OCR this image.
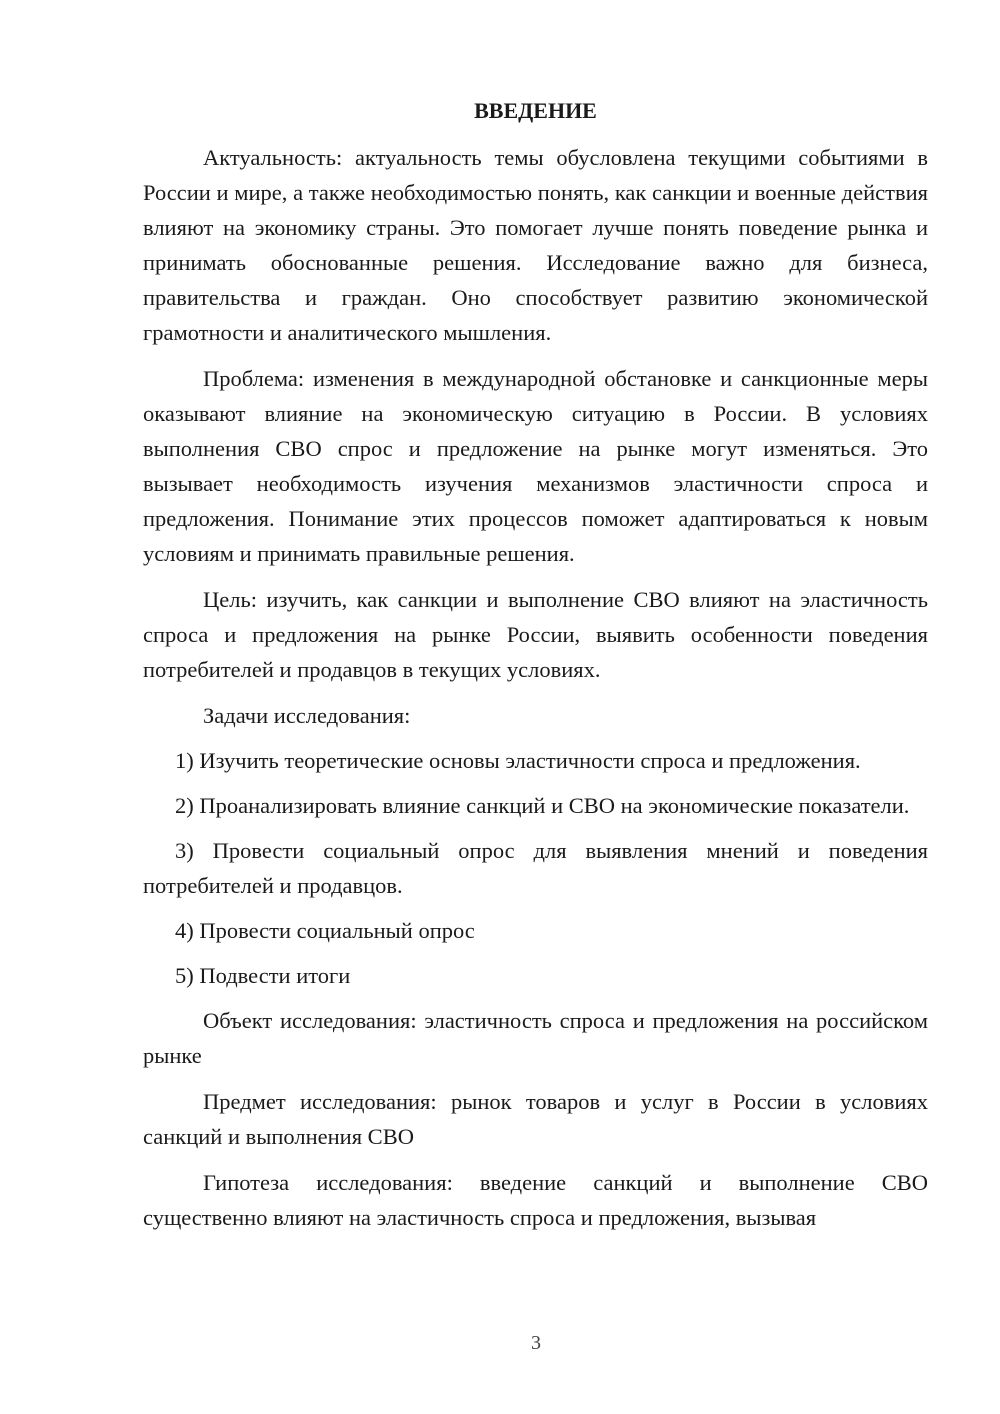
ВВЕДЕНИЕ

Актуальность: актуальность темы обусловлена текущими событиями в России и мире, а также необходимостью понять, как санкции и военные действия влияют на экономику страны. Это помогает лучше понять поведение рынка и принимать обоснованные решения. Исследование важно для бизнеса, правительства и граждан. Оно способствует развитию экономической грамотности и аналитического мышления.

Проблема: изменения в международной обстановке и санкционные меры оказывают влияние на экономическую ситуацию в России. В условиях выполнения СВО спрос и предложение на рынке могут изменяться. Это вызывает необходимость изучения механизмов эластичности спроса и предложения. Понимание этих процессов поможет адаптироваться к новым условиям и принимать правильные решения.

Цель: изучить, как санкции и выполнение СВО влияют на эластичность спроса и предложения на рынке России, выявить особенности поведения потребителей и продавцов в текущих условиях.

Задачи исследования:

1) Изучить теоретические основы эластичности спроса и предложения.

2) Проанализировать влияние санкций и СВО на экономические показатели.

3) Провести социальный опрос для выявления мнений и поведения потребителей и продавцов.

4) Провести социальный опрос

5) Подвести итоги

Объект исследования: эластичность спроса и предложения на российском рынке

Предмет исследования: рынок товаров и услуг в России в условиях санкций и выполнения СВО

Гипотеза исследования: введение санкций и выполнение СВО существенно влияют на эластичность спроса и предложения, вызывая

3
